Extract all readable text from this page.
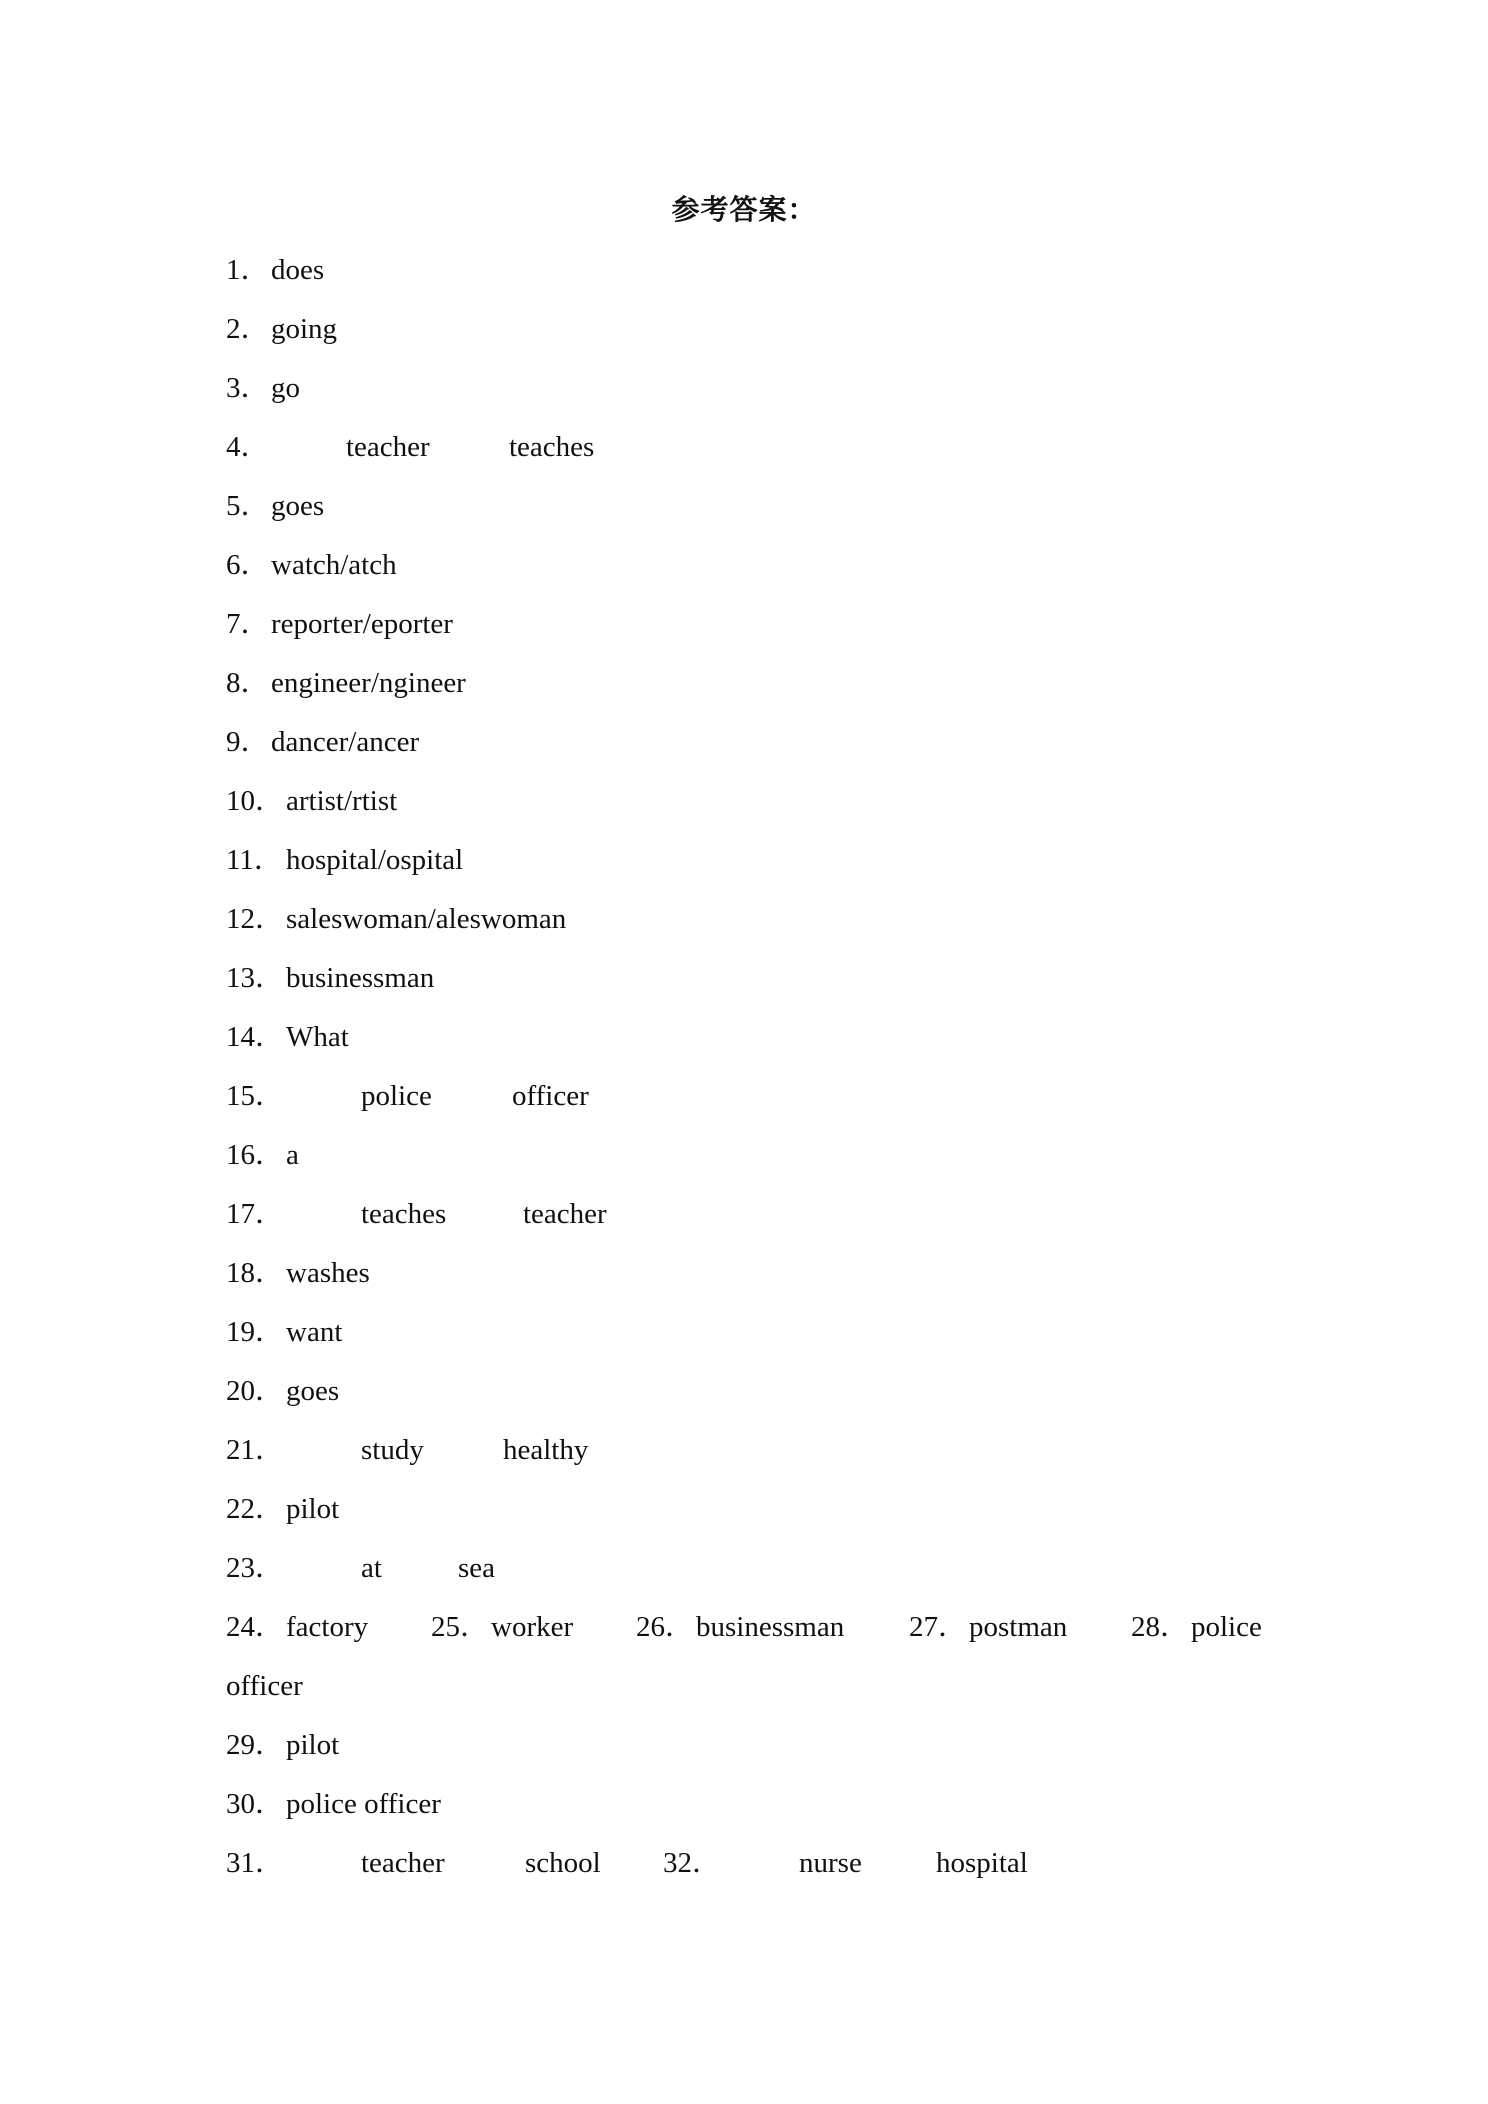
参考答案：
1． does
2． going
3． go
4．	teacher	teaches
5． goes
6． watch/atch
7． reporter/eporter
8． engineer/ngineer
9． dancer/ancer
10． artist/rtist
11． hospital/ospital
12． saleswoman/aleswoman
13． businessman
14． What
15．	police	officer
16． a
17．	teaches	teacher
18． washes
19． want
20． goes
21．	study	healthy
22． pilot
23．	at	sea
24． factory 25． worker 26． businessman 27． postman 28． police
officer
29． pilot
30． police officer
31．	teacher	school 32．	nurse	hospital
